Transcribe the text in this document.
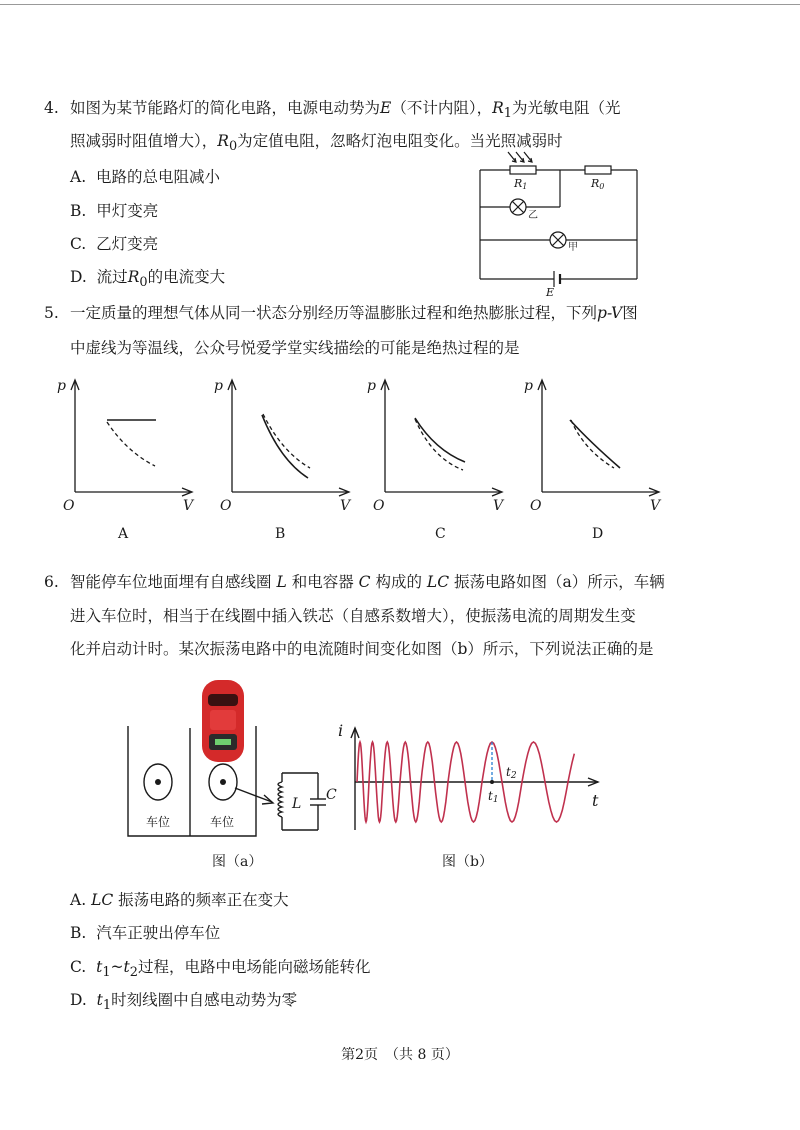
4. 如图为某节能路灯的简化电路，电源电动势为E（不计内阻），$R_1$为光敏电阻（光
照减弱时阻值增大），$R_0$为定值电阻，忽略灯泡电阻变化。当光照减弱时
A. 电路的总电阻减小
B. 甲灯变亮
C. 乙灯变亮
D. 流过$R_0$的电流变大
R1	R0
E
乙
甲
5. 一定质量的理想气体从同一状态分别经历等温膨胀过程和绝热膨胀过程，下列p-V图
中虚线为等温线，公众号悦爱学堂实线描绘的可能是绝热过程的是
p
V
O
A
p
V
O
B
p
V
O
C
p
V
O
D
6. 智能停车位地面埋有自感线圈 L 和电容器 C 构成的 LC 振荡电路如图（a）所示，车辆
进入车位时，相当于在线圈中插入铁芯（自感系数增大），使振荡电流的周期发生变
化并启动计时。某次振荡电路中的电流随时间变化如图（b）所示，下列说法正确的是
车位	车位
L
C
图（a）
i
t
t1
t2
图（b）
A. LC 振荡电路的频率正在变大
B. 汽车正驶出停车位
C. $t_1\sim t_2$过程，电路中电场能向磁场能转化
D. $t_1$时刻线圈中自感电动势为零
第2页　（共 8 页）
